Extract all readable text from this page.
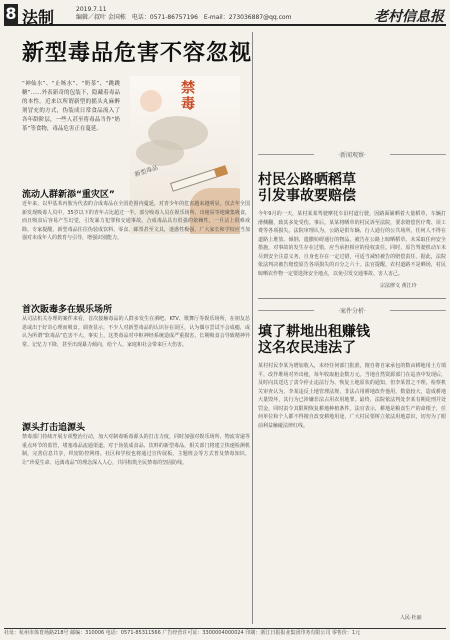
8 法制	2019.7.11
编辑／叔叶 金国栋 电话：0571-86757196 E-mail：273036887@qq.com	老村信息报
新型毒品危害不容忽视
禁毒
新型毒品
“神仙水”、“止咳水”、“奶茶”、“跳跳糖”……外表新奇的包装下，隐藏着毒品的本性。近来以所谓新型的摇头丸麻醉剂冒充的方式，伪装成日常食品流入了各年龄阶层，一些人甚至将毒品当作“奶茶”等食物，毒品危害正在蔓延。
流动人群新添“重灾区”
近年来，以甲基苯丙胺为代表的合成毒品在全国范围内蔓延，对青少年的危害越来越明显。仅去年全国新发现吸毒人员中，35岁以下的青年占比超过一半。部分吸毒人员在娱乐场所、出租屋等地聚集吸食，而且吸食后容易产生幻觉，引发暴力犯罪和交通事故。合成毒品具有很强的依赖性，一旦沾上很难戒除。专家提醒，新型毒品往往伪装成饮料、零食、邮票甚至文具，迷惑性极强，广大家长和学校应当加强对未成年人的教育与引导，增强识别能力。
首次販毒多在娱乐场所
从司法机关办理的案件来看，首次接触毒品的人群多发生在酒吧、KTV、歌舞厅等娱乐场所，在朋友怂恿或出于好奇心理而吸食。调查显示，不少人对新型毒品的认识存在误区，认为偶尔尝试不会成瘾，或认为所谓“软毒品”危害不大。事实上，这类毒品对中枢神经系统造成严重损害，长期吸食会导致精神异常、记忆力下降，甚至出现暴力倾向，给个人、家庭和社会带来巨大伤害。
源头打击追源头
禁毒部门持续开展专项整治行动，加大对制毒贩毒源头的打击力度，同时加强对娱乐场所、物流寄递等重点环节的监管，堵塞毒品流通渠道。对于伪装成食品、饮料的新型毒品，相关部门将建立快速检测机制，完善信息共享，织密防控网络。社区和学校也将通过宣传展板、主题班会等方式普及禁毒知识，让“珍爱生命、远离毒品”的理念深入人心，共同构筑全民禁毒的坚固防线。
·新闻观察·
村民公路晒稻草
引发事故要赔偿
今年9月的一天，某村某某驾驶摩托车沿村道行驶，因路面铺晒着大量稻草，车辆打滑侧翻，致其多处受伤。事后，某某将晒草的村民诉至法院，要求赔偿医疗费、误工费等各项损失。法院审理认为，公路是供车辆、行人通行的公共场所，任何人不得在道路上堆放、倾倒、遗撒妨碍通行的物品。被告在公路上晾晒稻草，未采取任何安全措施，对事故的发生存在过错，应当承担相应的侵权责任。同时，原告驾驶机动车未尽到安全注意义务，自身也存在一定过错，可适当减轻被告的赔偿责任。据此，法院依法判决被告赔偿原告各项损失的百分之六十。法官提醒，农村道路不是晒场，村民晾晒农作物一定要选择安全地点，以免引发交通事故、害人害己。
宗法律文 黄江玲
·案件分析·
填了耕地出租赚钱
这名农民违法了
某村村民李某为增加收入，未经任何部门批准，擅自将自家承包的数亩耕地用土方填平，改作堆场对外出租，每年收取租金数万元。当地自然资源部门在巡查中发现后，及时向其送达了责令停止违法行为、恢复土地原状的通知，但李某置之不理。检察机关审查认为，李某违反土地管理法规，非法占用耕地改作他用，数量较大，造成耕地大量毁坏，其行为已涉嫌非法占用农用地罪。最终，法院依法判处李某有期徒刑并处罚金，同时责令其限期恢复耕地种植条件。法官表示，耕地是粮食生产的命根子，任何单位和个人都不得擅自改变耕地用途，广大村民要树立依法用地意识，切勿为了眼前利益触碰法律红线。
人民·杜丽
社址：杭州市体育场路218号 邮编：310006 电话：0571-85311566 广告经营许可证：3300004000024 印刷：浙江日报报业集团印务有限公司 零售价：1元
